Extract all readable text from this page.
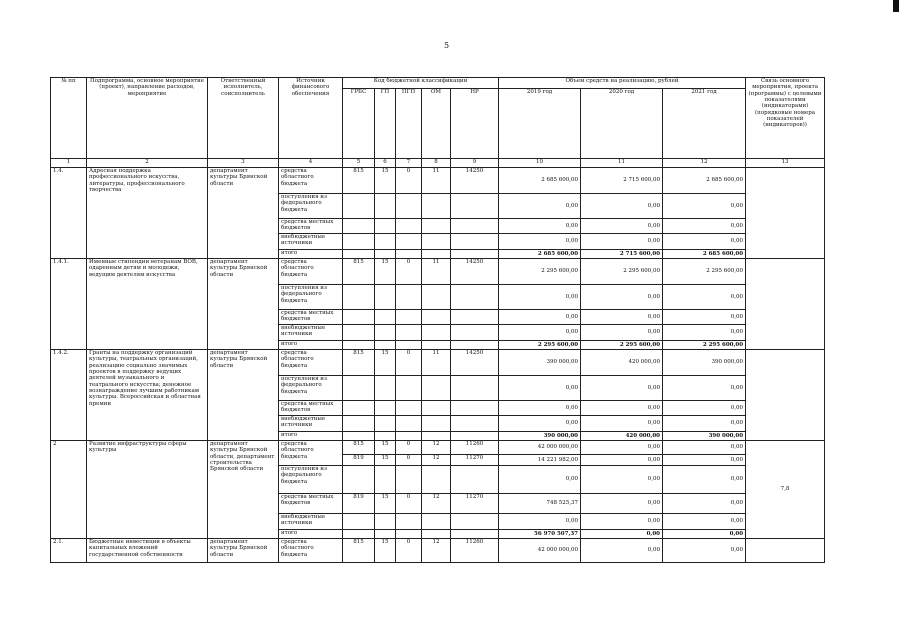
5
№ пп	Подпрограмма, основное мероприятие (проект), направление расходов, мероприятие	Ответственный исполнитель, соисполнитель	Источник финансового обеспечения	Код бюджетной классификации					Объем средств на реализацию, рублей			Связь основного мероприятия, проекта (программы) с целевыми показателями (индикаторами) (порядковые номера показателей (индикаторов))
				ГРБС	ГП	ПГП	ОМ	НР	2019 год	2020 год	2021 год	
1	2	3	4	5	6	7	8	9	10	11	12	13
1.4.	Адресная поддержка профессионального искусства, литературы, профессионального творчества	департамент культуры Брянской области	средства областного бюджета	815	15	0	11	14250	2 685 600,00	2 715 600,00	2 685 600,00	
			поступления из федерального бюджета						0,00	0,00	0,00	
			средства местных бюджетов						0,00	0,00	0,00	
			внебюджетные источники						0,00	0,00	0,00	
			итого						2 685 600,00	2 715 600,00	2 685 600,00	
1.4.1.	Именные стипендии ветеранам ВОВ, одаренным детям и молодежи, ведущим деятелям искусства	департамент культуры Брянской области	средства областного бюджета	815	15	0	11	14250	2 295 600,00	2 295 600,00	2 295 600,00	
			поступления из федерального бюджета						0,00	0,00	0,00	
			средства местных бюджетов						0,00	0,00	0,00	
			внебюджетные источники						0,00	0,00	0,00	
			итого						2 295 600,00	2 295 600,00	2 295 600,00	
1.4.2.	Гранты на поддержку организаций культуры, театральных организаций, реализацию социально значимых проектов в поддержку ведущих деятелей музыкального и театрального искусства; денежное вознаграждение лучшим работникам культуры. Всероссийская и областная премии	департамент культуры Брянской области	средства областного бюджета	815	15	0	11	14250	390 000,00	420 000,00	390 000,00	
			поступления из федерального бюджета						0,00	0,00	0,00	
			средства местных бюджетов						0,00	0,00	0,00	
			внебюджетные источники						0,00	0,00	0,00	
			итого						390 000,00	420 000,00	390 000,00	
2	Развитие инфраструктуры сферы культуры	департамент культуры Брянской области, департамент строительства Брянской области	средства областного бюджета	815	15	0	12	11260	42 000 000,00	0,00	0,00	7,8
				819	15	0	12	11270	14 221 982,00	0,00	0,00	
			поступления из федерального бюджета						0,00	0,00	0,00	
			средства местных бюджетов	819	15	0	12	11270	748 525,37	0,00	0,00	
			внебюджетные источники						0,00	0,00	0,00	
			итого						56 970 507,37	0,00	0,00	
2.1.	Бюджетные инвестиции в объекты капитальных вложений государственной собственности	департамент культуры Брянской области	средства областного бюджета	815	15	0	12	11260	42 000 000,00	0,00	0,00	
